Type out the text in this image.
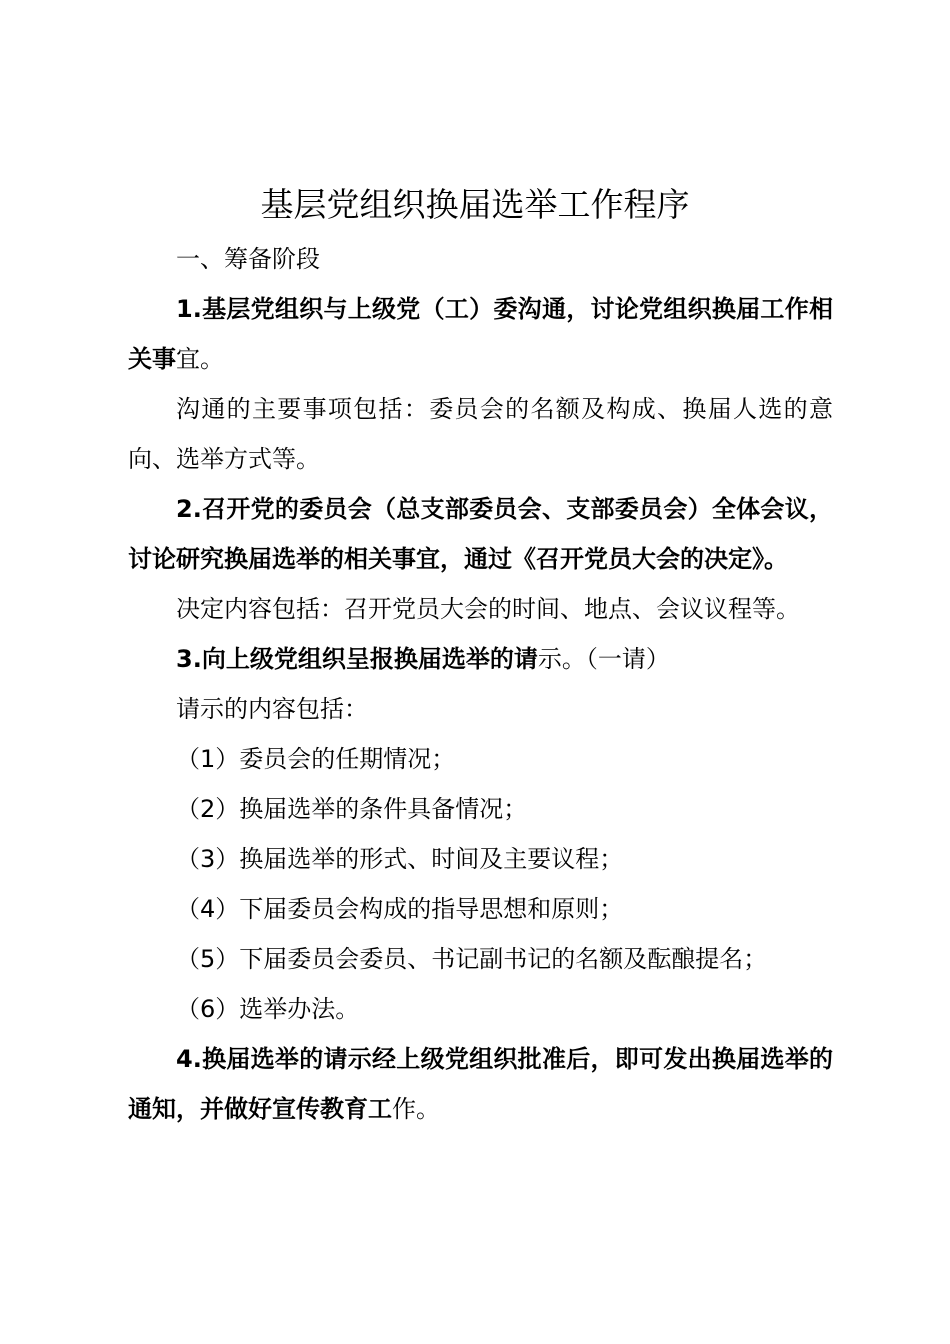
基层党组织换届选举工作程序

一、筹备阶段

1.基层党组织与上级党（工）委沟通，讨论党组织换届工作相关事宜。

沟通的主要事项包括：委员会的名额及构成、换届人选的意向、选举方式等。

2.召开党的委员会（总支部委员会、支部委员会）全体会议，讨论研究换届选举的相关事宜，通过《召开党员大会的决定》。

决定内容包括：召开党员大会的时间、地点、会议议程等。

3.向上级党组织呈报换届选举的请示。（一请）

请示的内容包括：

（1）委员会的任期情况；

（2）换届选举的条件具备情况；

（3）换届选举的形式、时间及主要议程；

（4）下届委员会构成的指导思想和原则；

（5）下届委员会委员、书记副书记的名额及酝酿提名；

（6）选举办法。

4.换届选举的请示经上级党组织批准后，即可发出换届选举的通知，并做好宣传教育工作。
